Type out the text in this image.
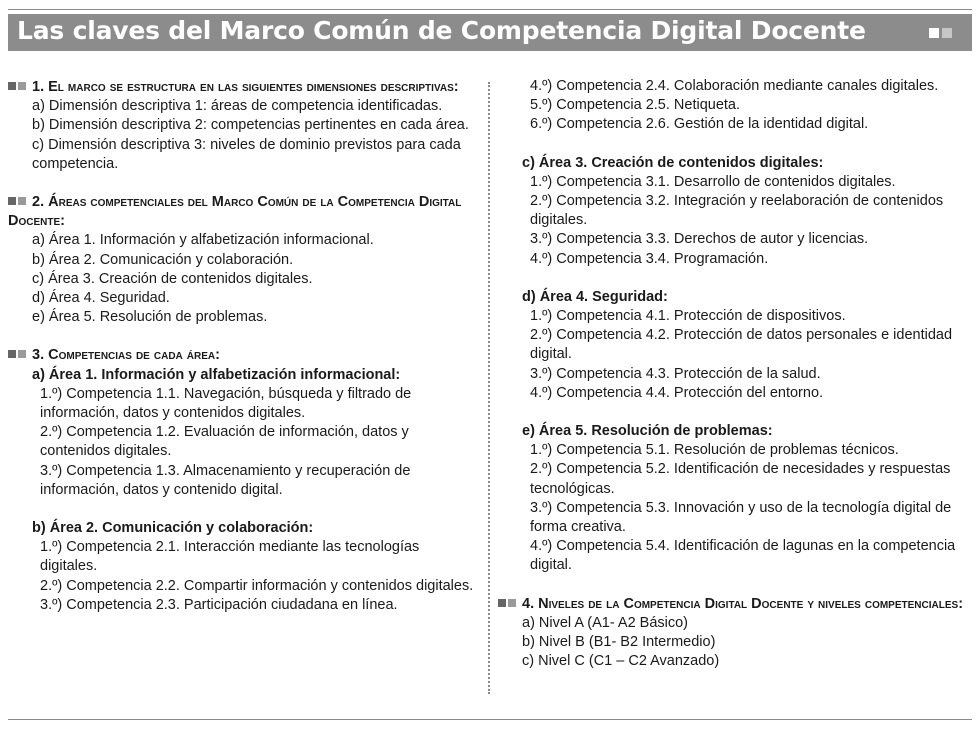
Las claves del Marco Común de Competencia Digital Docente

1. El marco se estructura en las siguientes dimensiones descriptivas:

a) Dimensión descriptiva 1: áreas de competencia identificadas.

b) Dimensión descriptiva 2: competencias pertinentes en cada área.

c) Dimensión descriptiva 3: niveles de dominio previstos para cada competencia.

2. Áreas competenciales del Marco Común de la Competencia Digital Docente:

a) Área 1. Información y alfabetización informacional.

b) Área 2. Comunicación y colaboración.

c) Área 3. Creación de contenidos digitales.

d) Área 4. Seguridad.

e) Área 5. Resolución de problemas.

3. Competencias de cada área:

a) Área 1. Información y alfabetización informacional:

1.º) Competencia 1.1. Navegación, búsqueda y filtrado de información, datos y contenidos digitales.

2.º) Competencia 1.2. Evaluación de información, datos y contenidos digitales.

3.º) Competencia 1.3. Almacenamiento y recuperación de información, datos y contenido digital.

b) Área 2. Comunicación y colaboración:

1.º) Competencia 2.1. Interacción mediante las tecnologías digitales.

2.º) Competencia 2.2. Compartir información y contenidos digitales.

3.º) Competencia 2.3. Participación ciudadana en línea.

4.º) Competencia 2.4. Colaboración mediante canales digitales.

5.º) Competencia 2.5. Netiqueta.

6.º) Competencia 2.6. Gestión de la identidad digital.

c) Área 3. Creación de contenidos digitales:

1.º) Competencia 3.1. Desarrollo de contenidos digitales.

2.º) Competencia 3.2. Integración y reelaboración de contenidos digitales.

3.º) Competencia 3.3. Derechos de autor y licencias.

4.º) Competencia 3.4. Programación.

d) Área 4. Seguridad:

1.º) Competencia 4.1. Protección de dispositivos.

2.º) Competencia 4.2. Protección de datos personales e identidad digital.

3.º) Competencia 4.3. Protección de la salud.

4.º) Competencia 4.4. Protección del entorno.

e) Área 5. Resolución de problemas:

1.º) Competencia 5.1. Resolución de problemas técnicos.

2.º) Competencia 5.2. Identificación de necesidades y respuestas tecnológicas.

3.º) Competencia 5.3. Innovación y uso de la tecnología digital de forma creativa.

4.º) Competencia 5.4. Identificación de lagunas en la competencia digital.

4. Niveles de la Competencia Digital Docente y niveles competenciales:

a) Nivel A (A1- A2 Básico)

b) Nivel B (B1- B2 Intermedio)

c) Nivel C (C1 – C2 Avanzado)
